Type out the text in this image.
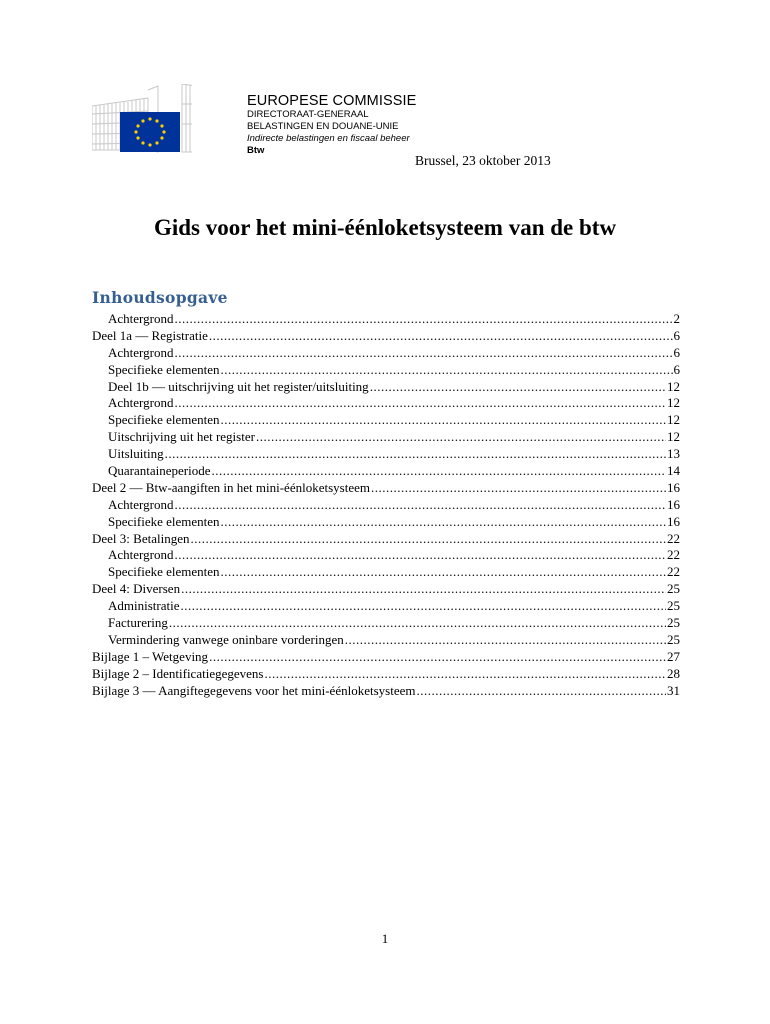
EUROPESE COMMISSIE
DIRECTORAAT-GENERAAL
BELASTINGEN EN DOUANE-UNIE
Indirecte belastingen en fiscaal beheer
Btw
Brussel, 23 oktober 2013
Gids voor het mini-éénloketsysteem van de btw
Inhoudsopgave
Achtergrond .....	2
Deel 1a — Registratie .....	6
Achtergrond .....	6
Specifieke elementen .....	6
Deel 1b — uitschrijving uit het register/uitsluiting .....	12
Achtergrond .....	12
Specifieke elementen .....	12
Uitschrijving uit het register .....	12
Uitsluiting .....	13
Quarantaineperiode .....	14
Deel 2 — Btw-aangiften in het mini-éénloketsysteem .....	16
Achtergrond .....	16
Specifieke elementen .....	16
Deel 3: Betalingen .....	22
Achtergrond .....	22
Specifieke elementen .....	22
Deel 4: Diversen .....	25
Administratie .....	25
Facturering .....	25
Vermindering vanwege oninbare vorderingen .....	25
Bijlage 1 – Wetgeving .....	27
Bijlage 2 – Identificatiegegevens .....	28
Bijlage 3 — Aangiftegegevens voor het mini-éénloketsysteem .....	31
1
